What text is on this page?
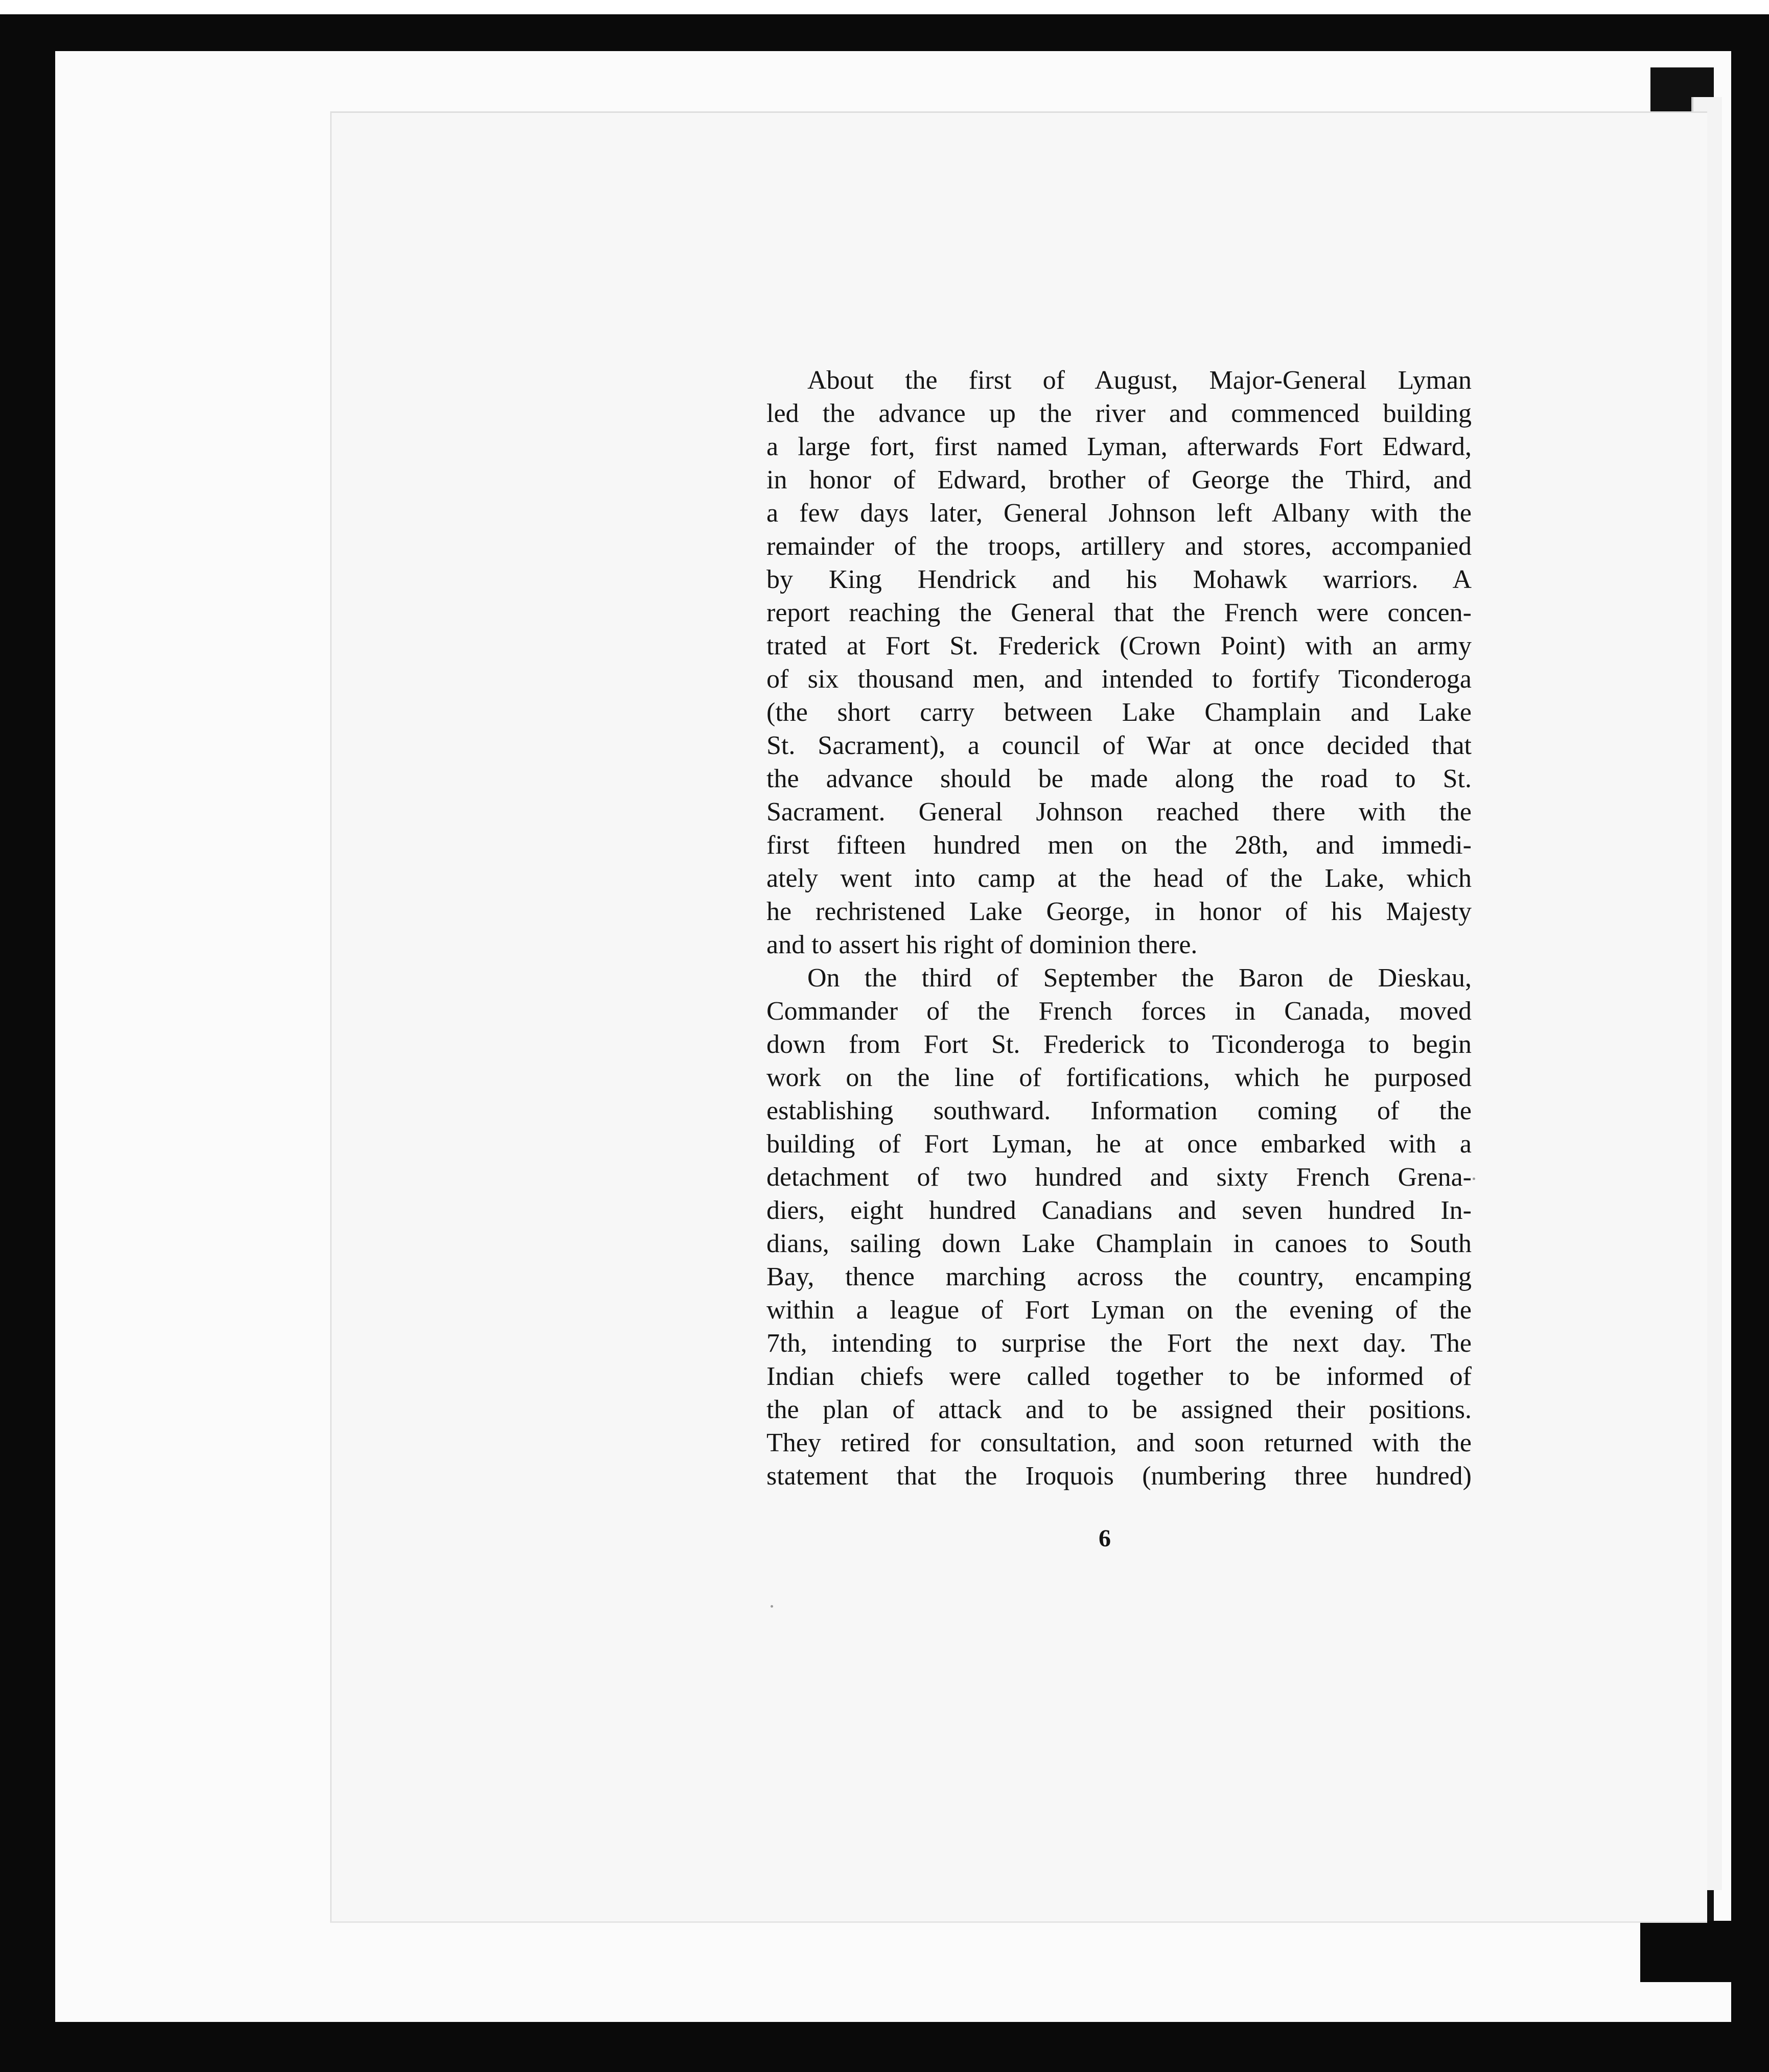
About the first of August, Major-General Lyman
led the advance up the river and commenced building
a large fort, first named Lyman, afterwards Fort Edward,
in honor of Edward, brother of George the Third, and
a few days later, General Johnson left Albany with the
remainder of the troops, artillery and stores, accompanied
by King Hendrick and his Mohawk warriors. A
report reaching the General that the French were concen-
trated at Fort St. Frederick (Crown Point) with an army
of six thousand men, and intended to fortify Ticonderoga
(the short carry between Lake Champlain and Lake
St. Sacrament), a council of War at once decided that
the advance should be made along the road to St.
Sacrament. General Johnson reached there with the
first fifteen hundred men on the 28th, and immedi-
ately went into camp at the head of the Lake, which
he rechristened Lake George, in honor of his Majesty
and to assert his right of dominion there.
On the third of September the Baron de Dieskau,
Commander of the French forces in Canada, moved
down from Fort St. Frederick to Ticonderoga to begin
work on the line of fortifications, which he purposed
establishing southward. Information coming of the
building of Fort Lyman, he at once embarked with a
detachment of two hundred and sixty French Grena-
diers, eight hundred Canadians and seven hundred In-
dians, sailing down Lake Champlain in canoes to South
Bay, thence marching across the country, encamping
within a league of Fort Lyman on the evening of the
7th, intending to surprise the Fort the next day. The
Indian chiefs were called together to be informed of
the plan of attack and to be assigned their positions.
They retired for consultation, and soon returned with the
statement that the Iroquois (numbering three hundred)
6
